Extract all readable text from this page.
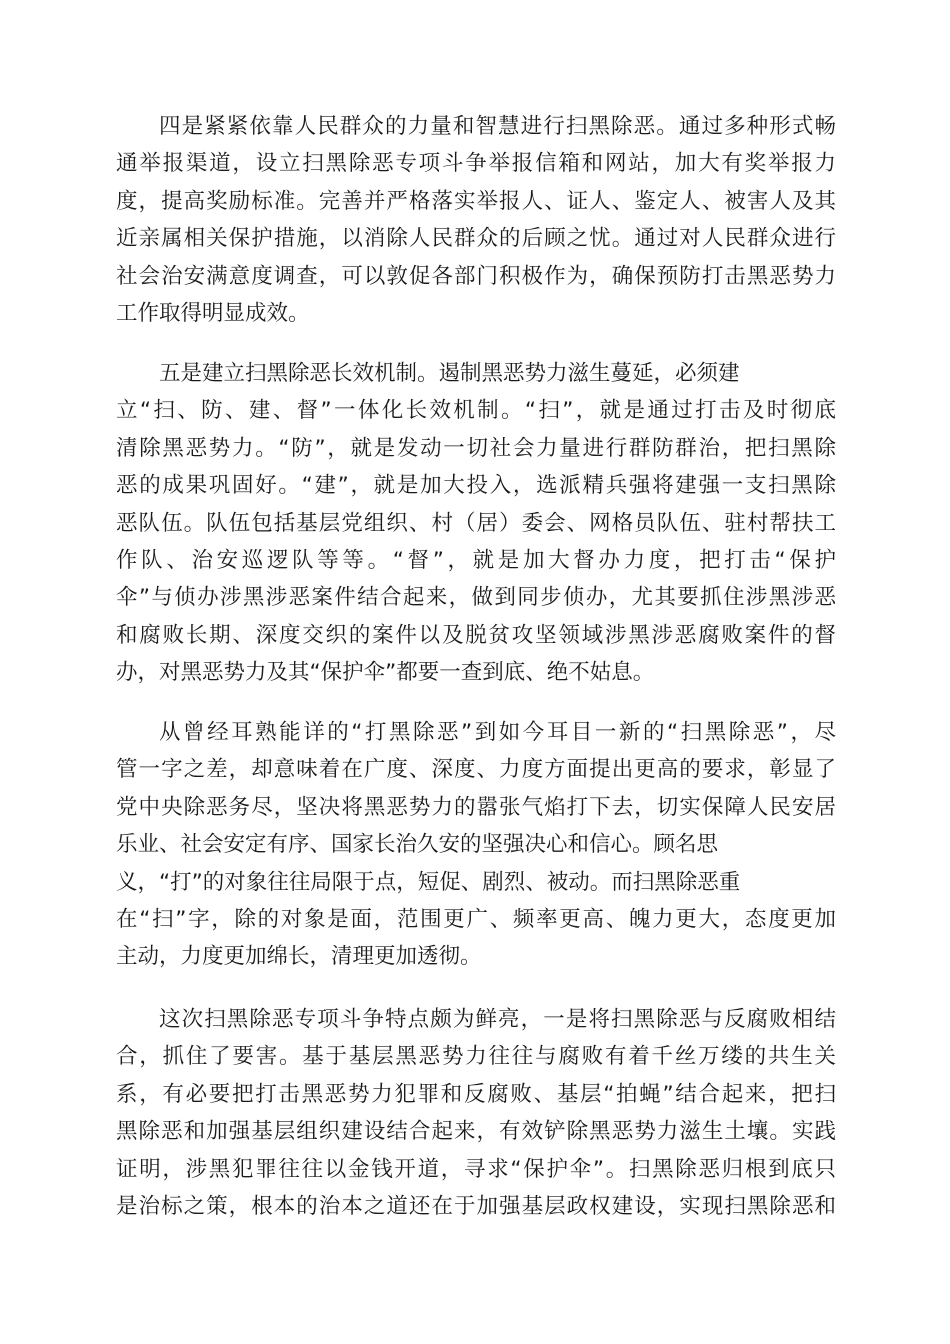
四是紧紧依靠人民群众的力量和智慧进行扫黑除恶。通过多种形式畅
通举报渠道，设立扫黑除恶专项斗争举报信箱和网站，加大有奖举报力
度，提高奖励标准。完善并严格落实举报人、证人、鉴定人、被害人及其
近亲属相关保护措施，以消除人民群众的后顾之忧。通过对人民群众进行
社会治安满意度调查，可以敦促各部门积极作为，确保预防打击黑恶势力
工作取得明显成效。
五是建立扫黑除恶长效机制。遏制黑恶势力滋生蔓延，必须建
立“扫、防、建、督”一体化长效机制。“扫”，就是通过打击及时彻底
清除黑恶势力。“防”，就是发动一切社会力量进行群防群治，把扫黑除
恶的成果巩固好。“建”，就是加大投入，选派精兵强将建强一支扫黑除
恶队伍。队伍包括基层党组织、村（居）委会、网格员队伍、驻村帮扶工
作队、治安巡逻队等等。“督”，就是加大督办力度，把打击“保护
伞”与侦办涉黑涉恶案件结合起来，做到同步侦办，尤其要抓住涉黑涉恶
和腐败长期、深度交织的案件以及脱贫攻坚领域涉黑涉恶腐败案件的督
办，对黑恶势力及其“保护伞”都要一查到底、绝不姑息。
从曾经耳熟能详的“打黑除恶”到如今耳目一新的“扫黑除恶”，尽
管一字之差，却意味着在广度、深度、力度方面提出更高的要求，彰显了
党中央除恶务尽，坚决将黑恶势力的嚣张气焰打下去，切实保障人民安居
乐业、社会安定有序、国家长治久安的坚强决心和信心。顾名思
义，“打”的对象往往局限于点，短促、剧烈、被动。而扫黑除恶重
在“扫”字，除的对象是面，范围更广、频率更高、魄力更大，态度更加
主动，力度更加绵长，清理更加透彻。
这次扫黑除恶专项斗争特点颇为鲜亮，一是将扫黑除恶与反腐败相结
合，抓住了要害。基于基层黑恶势力往往与腐败有着千丝万缕的共生关
系，有必要把打击黑恶势力犯罪和反腐败、基层“拍蝇”结合起来，把扫
黑除恶和加强基层组织建设结合起来，有效铲除黑恶势力滋生土壤。实践
证明，涉黑犯罪往往以金钱开道，寻求“保护伞”。扫黑除恶归根到底只
是治标之策，根本的治本之道还在于加强基层政权建设，实现扫黑除恶和
